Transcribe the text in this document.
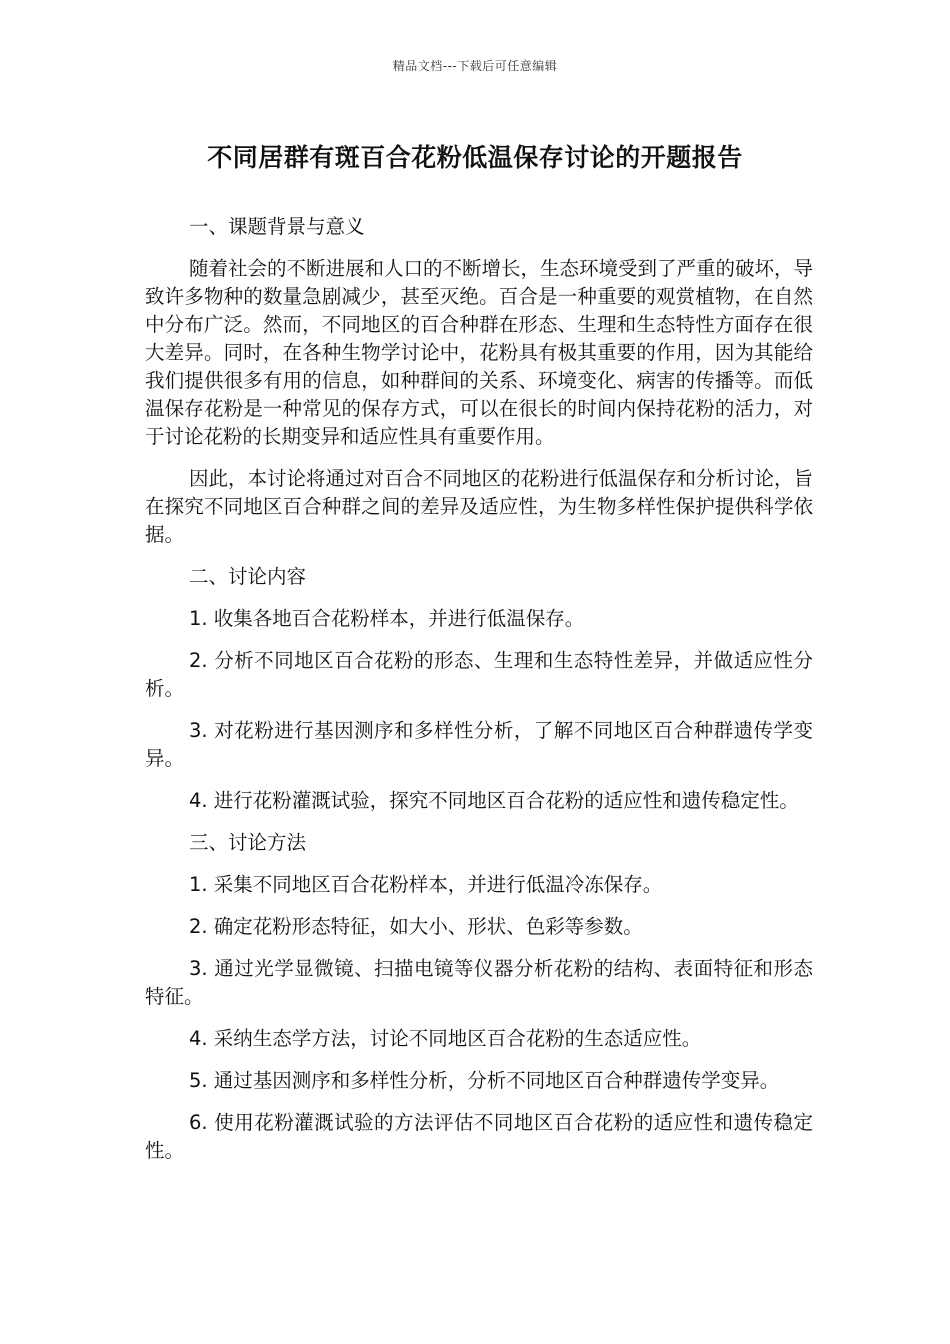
精品文档---下载后可任意编辑
不同居群有斑百合花粉低温保存讨论的开题报告

一、课题背景与意义

随着社会的不断进展和人口的不断增长，生态环境受到了严重的破坏，导致许多物种的数量急剧减少，甚至灭绝。百合是一种重要的观赏植物，在自然中分布广泛。然而，不同地区的百合种群在形态、生理和生态特性方面存在很大差异。同时，在各种生物学讨论中，花粉具有极其重要的作用，因为其能给我们提供很多有用的信息，如种群间的关系、环境变化、病害的传播等。而低温保存花粉是一种常见的保存方式，可以在很长的时间内保持花粉的活力，对于讨论花粉的长期变异和适应性具有重要作用。

因此，本讨论将通过对百合不同地区的花粉进行低温保存和分析讨论，旨在探究不同地区百合种群之间的差异及适应性，为生物多样性保护提供科学依据。

二、讨论内容

1. 收集各地百合花粉样本，并进行低温保存。

2. 分析不同地区百合花粉的形态、生理和生态特性差异，并做适应性分析。

3. 对花粉进行基因测序和多样性分析，了解不同地区百合种群遗传学变异。

4. 进行花粉灌溉试验，探究不同地区百合花粉的适应性和遗传稳定性。

三、讨论方法

1. 采集不同地区百合花粉样本，并进行低温冷冻保存。

2. 确定花粉形态特征，如大小、形状、色彩等参数。

3. 通过光学显微镜、扫描电镜等仪器分析花粉的结构、表面特征和形态特征。

4. 采纳生态学方法，讨论不同地区百合花粉的生态适应性。

5. 通过基因测序和多样性分析，分析不同地区百合种群遗传学变异。

6. 使用花粉灌溉试验的方法评估不同地区百合花粉的适应性和遗传稳定性。
